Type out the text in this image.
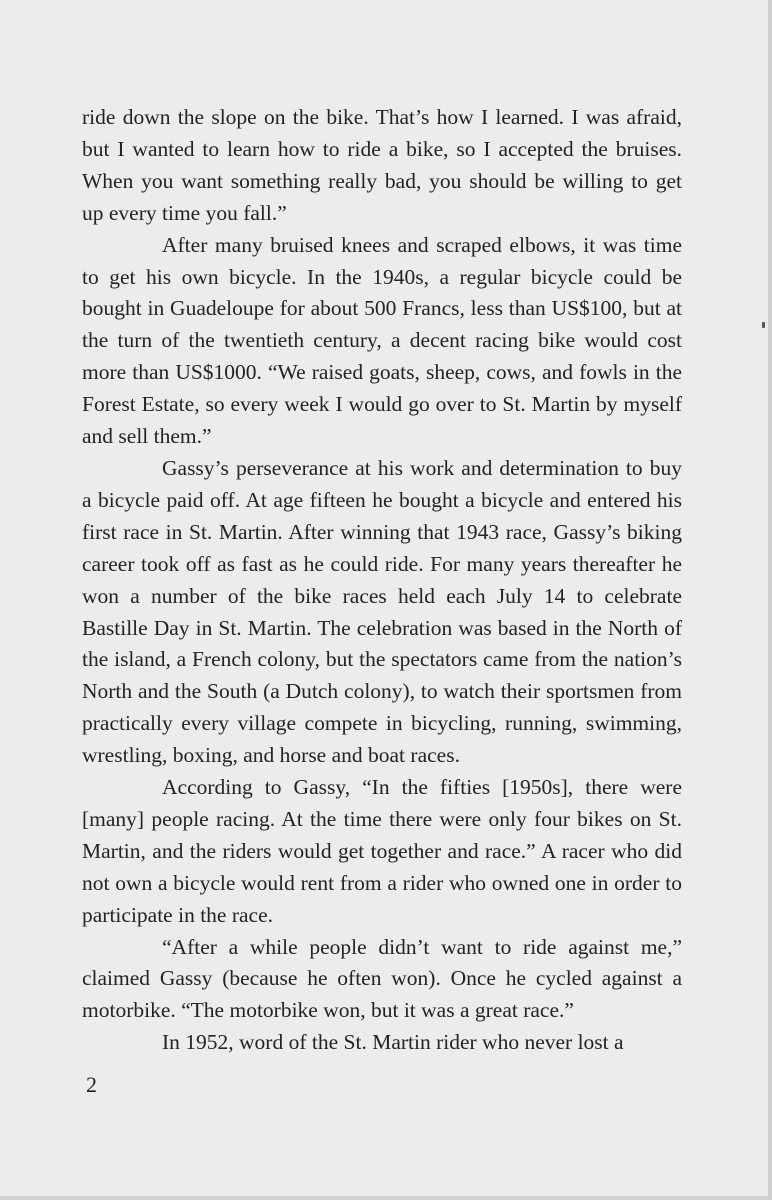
ride down the slope on the bike. That’s how I learned. I was afraid, but I wanted to learn how to ride a bike, so I accepted the bruises. When you want something really bad, you should be willing to get up every time you fall.”

After many bruised knees and scraped elbows, it was time to get his own bicycle. In the 1940s, a regular bicycle could be bought in Guadeloupe for about 500 Francs, less than US$100, but at the turn of the twentieth century, a decent racing bike would cost more than US$1000. “We raised goats, sheep, cows, and fowls in the Forest Estate, so every week I would go over to St. Martin by myself and sell them.”

Gassy’s perseverance at his work and determination to buy a bicycle paid off. At age fifteen he bought a bicycle and entered his first race in St. Martin. After winning that 1943 race, Gassy’s biking career took off as fast as he could ride. For many years thereafter he won a number of the bike races held each July 14 to celebrate Bastille Day in St. Martin. The celebration was based in the North of the island, a French colony, but the spectators came from the nation’s North and the South (a Dutch colony), to watch their sportsmen from practically every village compete in bicycling, running, swimming, wrestling, boxing, and horse and boat races.

According to Gassy, “In the fifties [1950s], there were [many] people racing. At the time there were only four bikes on St. Martin, and the riders would get together and race.” A racer who did not own a bicycle would rent from a rider who owned one in order to participate in the race.

“After a while people didn’t want to ride against me,” claimed Gassy (because he often won). Once he cycled against a motorbike. “The motorbike won, but it was a great race.”

In 1952, word of the St. Martin rider who never lost a

2
